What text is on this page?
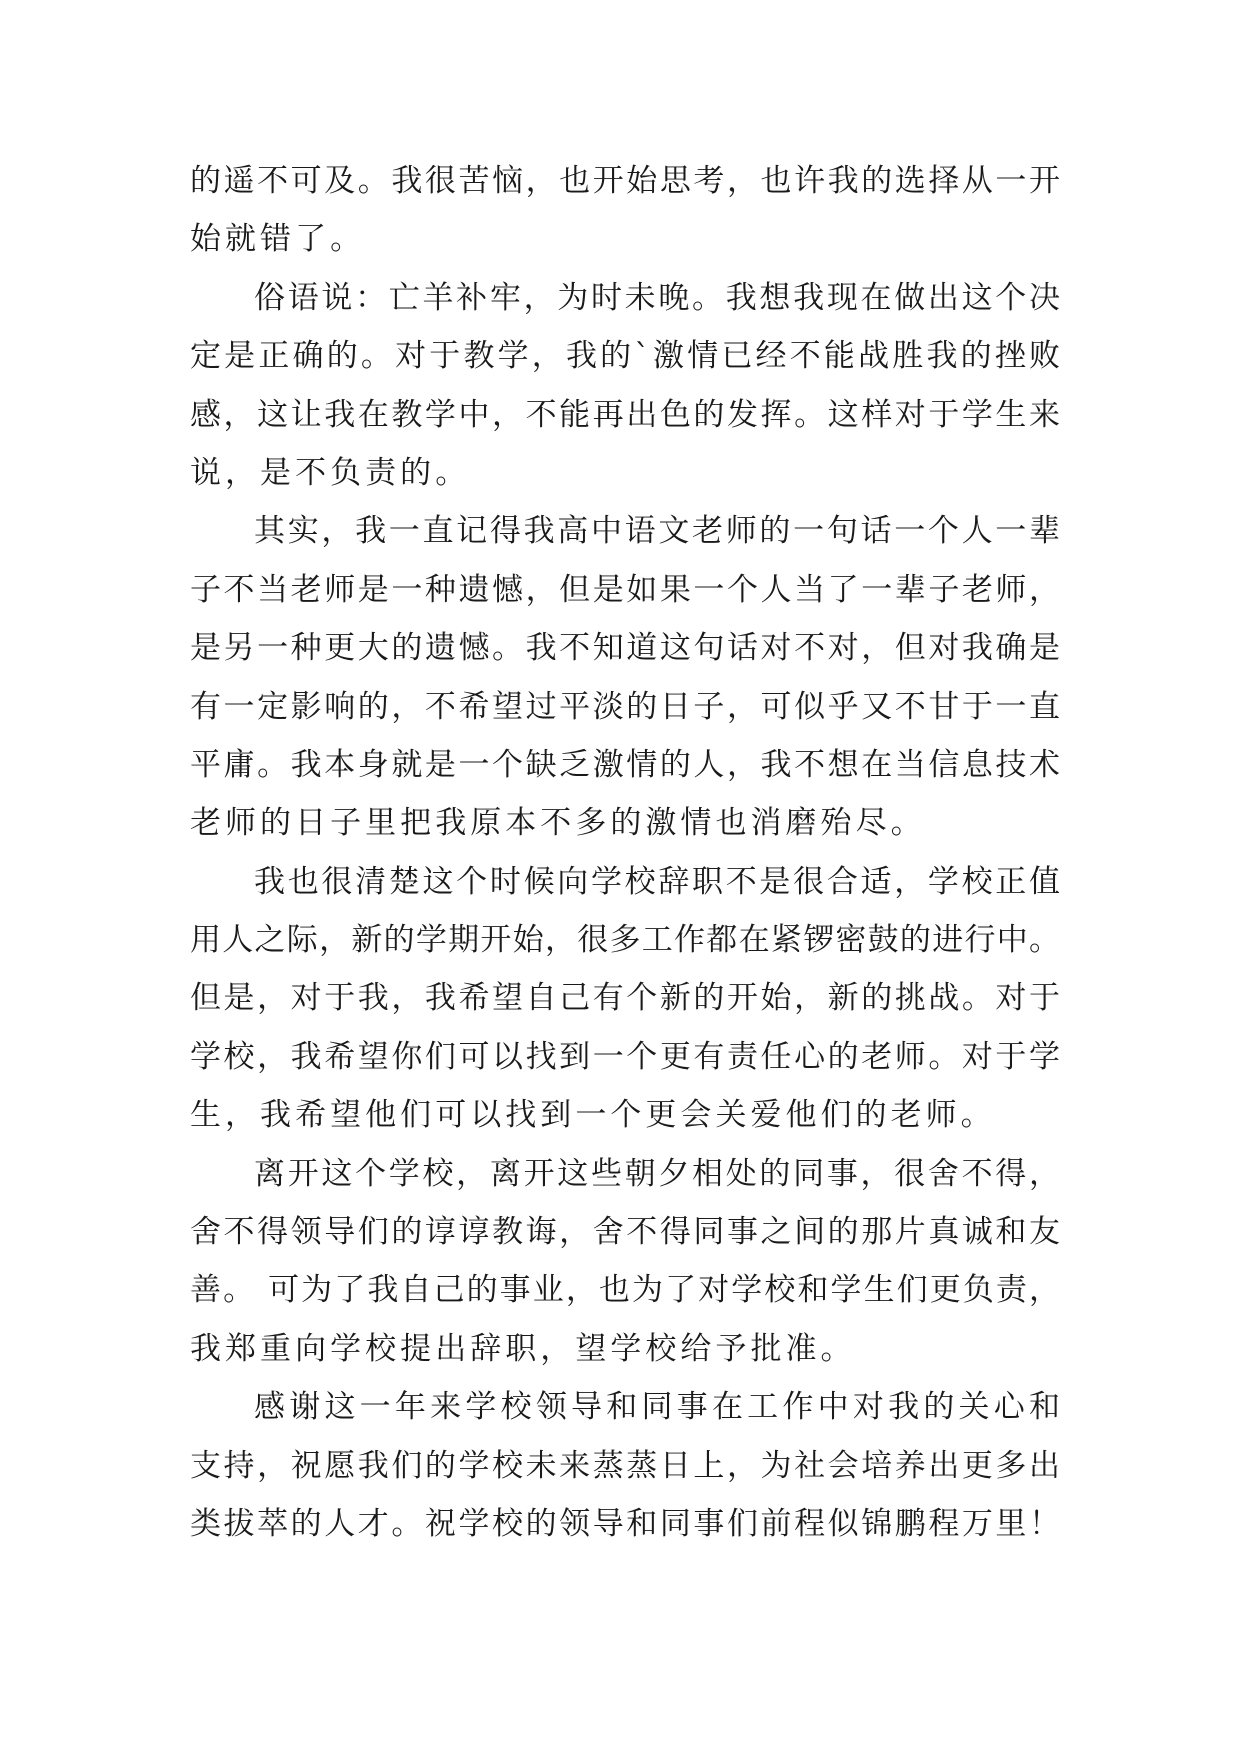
的遥不可及。我很苦恼，也开始思考，也许我的选择从一开
始就错了。
俗语说：亡羊补牢，为时未晚。我想我现在做出这个决
定是正确的。对于教学，我的`激情已经不能战胜我的挫败
感，这让我在教学中，不能再出色的发挥。这样对于学生来
说，是不负责的。
其实，我一直记得我高中语文老师的一句话一个人一辈
子不当老师是一种遗憾，但是如果一个人当了一辈子老师，
是另一种更大的遗憾。我不知道这句话对不对，但对我确是
有一定影响的，不希望过平淡的日子，可似乎又不甘于一直
平庸。我本身就是一个缺乏激情的人，我不想在当信息技术
老师的日子里把我原本不多的激情也消磨殆尽。
我也很清楚这个时候向学校辞职不是很合适，学校正值
用人之际，新的学期开始，很多工作都在紧锣密鼓的进行中。
但是，对于我，我希望自己有个新的开始，新的挑战。对于
学校，我希望你们可以找到一个更有责任心的老师。对于学
生，我希望他们可以找到一个更会关爱他们的老师。
离开这个学校，离开这些朝夕相处的同事，很舍不得，
舍不得领导们的谆谆教诲，舍不得同事之间的那片真诚和友
善。 可为了我自己的事业，也为了对学校和学生们更负责，
我郑重向学校提出辞职，望学校给予批准。
感谢这一年来学校领导和同事在工作中对我的关心和
支持，祝愿我们的学校未来蒸蒸日上，为社会培养出更多出
类拔萃的人才。祝学校的领导和同事们前程似锦鹏程万里！
